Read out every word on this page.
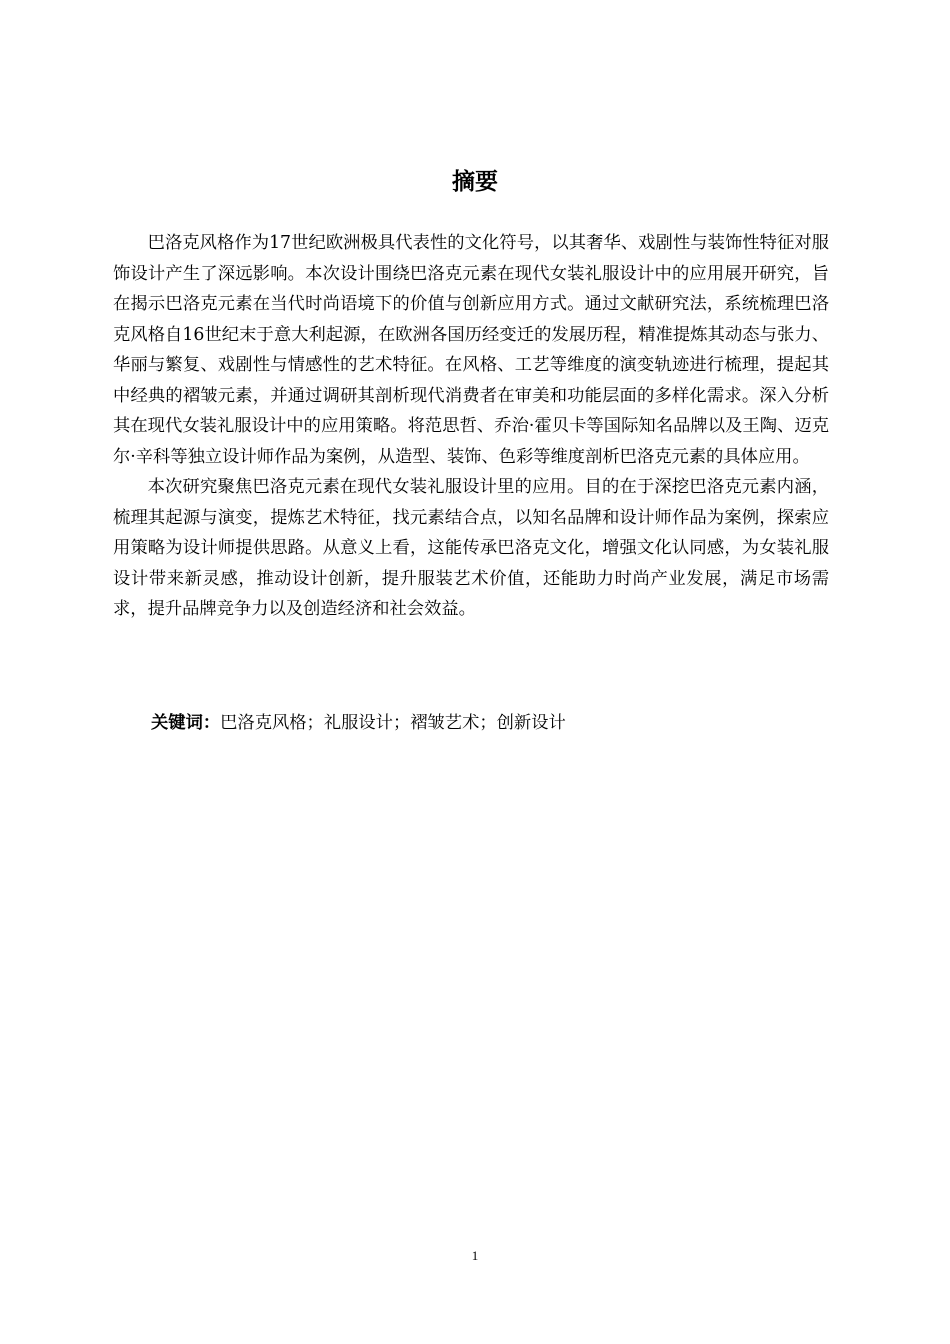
摘要

巴洛克风格作为17世纪欧洲极具代表性的文化符号，以其奢华、戏剧性与装饰性特征对服饰设计产生了深远影响。本次设计围绕巴洛克元素在现代女装礼服设计中的应用展开研究，旨在揭示巴洛克元素在当代时尚语境下的价值与创新应用方式。通过文献研究法，系统梳理巴洛克风格自16世纪末于意大利起源，在欧洲各国历经变迁的发展历程，精准提炼其动态与张力、华丽与繁复、戏剧性与情感性的艺术特征。在风格、工艺等维度的演变轨迹进行梳理，提起其中经典的褶皱元素，并通过调研其剖析现代消费者在审美和功能层面的多样化需求。深入分析其在现代女装礼服设计中的应用策略。将范思哲、乔治·霍贝卡等国际知名品牌以及王陶、迈克尔·辛科等独立设计师作品为案例，从造型、装饰、色彩等维度剖析巴洛克元素的具体应用。

本次研究聚焦巴洛克元素在现代女装礼服设计里的应用。目的在于深挖巴洛克元素内涵，梳理其起源与演变，提炼艺术特征，找元素结合点，以知名品牌和设计师作品为案例，探索应用策略为设计师提供思路。从意义上看，这能传承巴洛克文化，增强文化认同感，为女装礼服设计带来新灵感，推动设计创新，提升服装艺术价值，还能助力时尚产业发展，满足市场需求，提升品牌竞争力以及创造经济和社会效益。

关键词：巴洛克风格；礼服设计；褶皱艺术；创新设计

1
